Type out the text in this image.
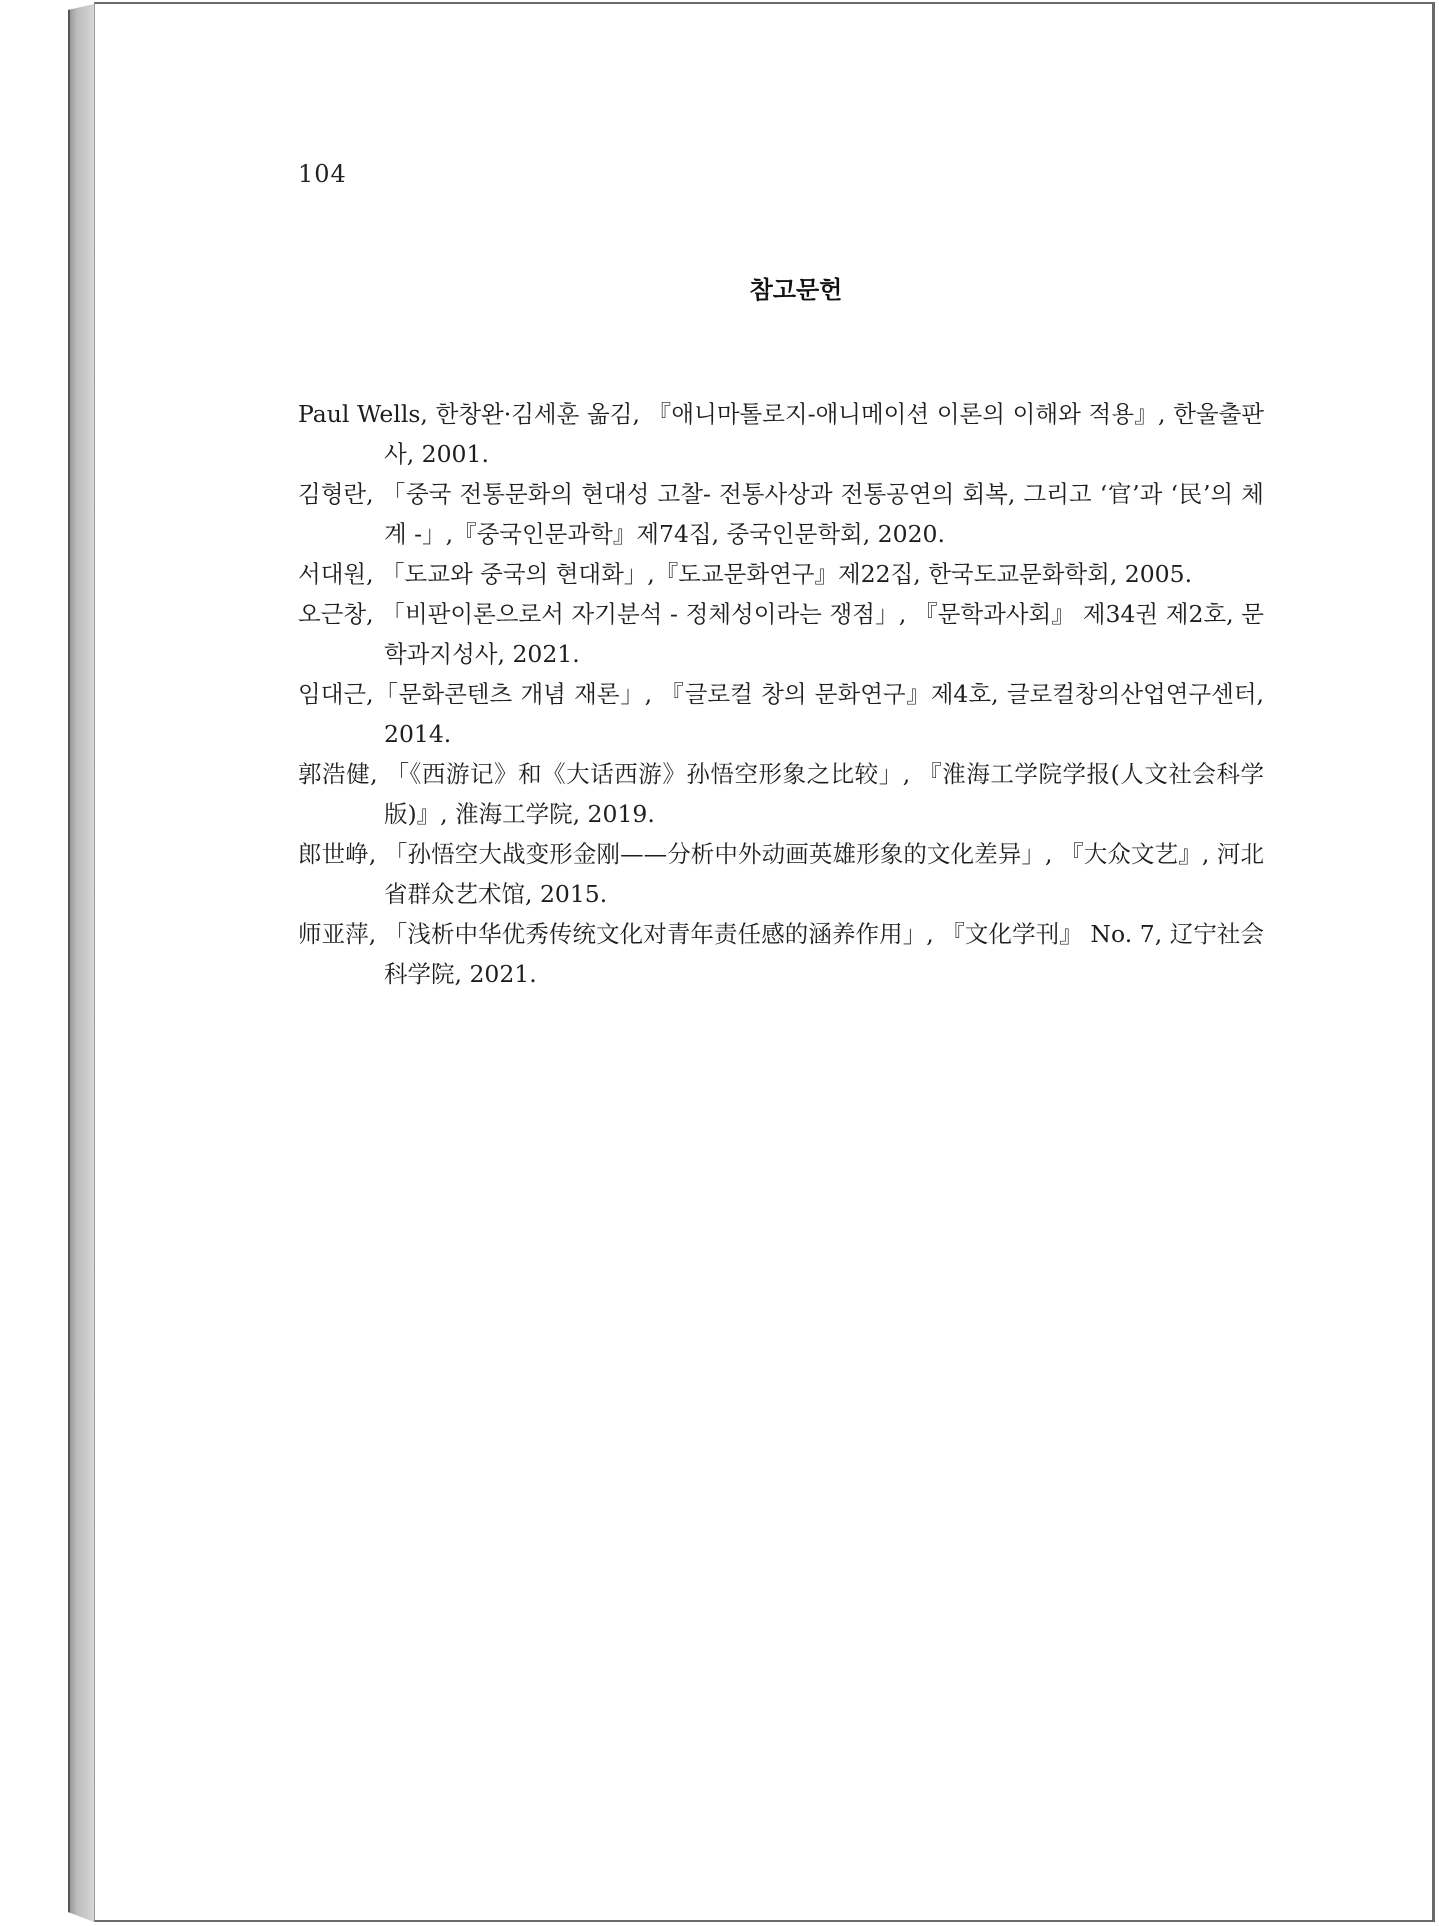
104
참고문헌
Paul Wells, 한창완·김세훈 옮김, 『애니마톨로지-애니메이션 이론의 이해와 적용』, 한울출판사, 2001.
김형란, 「중국 전통문화의 현대성 고찰- 전통사상과 전통공연의 회복, 그리고 ‘官’과 ‘民’의 체계 -」,『중국인문과학』제74집, 중국인문학회, 2020.
서대원, 「도교와 중국의 현대화」,『도교문화연구』제22집, 한국도교문화학회, 2005.
오근창, 「비판이론으로서 자기분석 - 정체성이라는 쟁점」, 『문학과사회』 제34권 제2호, 문학과지성사, 2021.
임대근,「문화콘텐츠 개념 재론」, 『글로컬 창의 문화연구』제4호, 글로컬창의산업연구센터, 2014.
郭浩健, 「《西游记》和《大话西游》孙悟空形象之比较」, 『淮海工学院学报(人文社会科学版)』, 淮海工学院, 2019.
郎世峥, 「孙悟空大战变形金刚——分析中外动画英雄形象的文化差异」, 『大众文艺』, 河北省群众艺术馆, 2015.
师亚萍, 「浅析中华优秀传统文化对青年责任感的涵养作用」, 『文化学刊』 No. 7, 辽宁社会科学院, 2021.
